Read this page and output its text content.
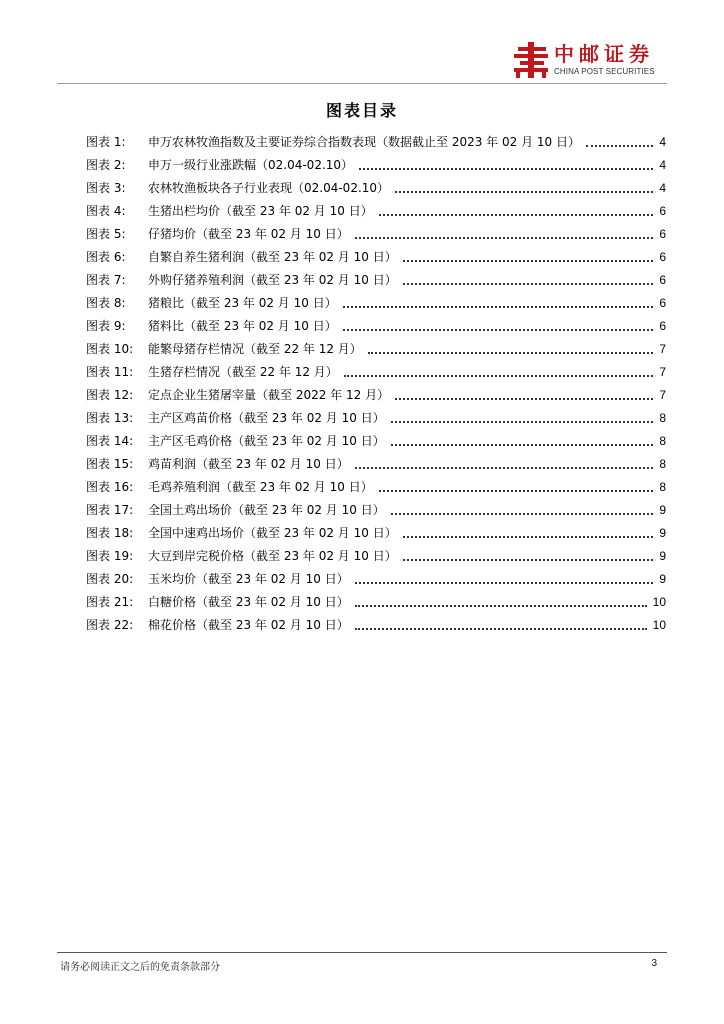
中邮证券
CHINA POST SECURITIES
图表目录
图表 1:	申万农林牧渔指数及主要证券综合指数表现（数据截止至 2023 年 02 月 10 日）	4
图表 2:	申万一级行业涨跌幅（02.04-02.10）	4
图表 3:	农林牧渔板块各子行业表现（02.04-02.10）	4
图表 4:	生猪出栏均价（截至 23 年 02 月 10 日）	6
图表 5:	仔猪均价（截至 23 年 02 月 10 日）	6
图表 6:	自繁自养生猪利润（截至 23 年 02 月 10 日）	6
图表 7:	外购仔猪养殖利润（截至 23 年 02 月 10 日）	6
图表 8:	猪粮比（截至 23 年 02 月 10 日）	6
图表 9:	猪料比（截至 23 年 02 月 10 日）	6
图表 10:	能繁母猪存栏情况（截至 22 年 12 月）	7
图表 11:	生猪存栏情况（截至 22 年 12 月）	7
图表 12:	定点企业生猪屠宰量（截至 2022 年 12 月）	7
图表 13:	主产区鸡苗价格（截至 23 年 02 月 10 日）	8
图表 14:	主产区毛鸡价格（截至 23 年 02 月 10 日）	8
图表 15:	鸡苗利润（截至 23 年 02 月 10 日）	8
图表 16:	毛鸡养殖利润（截至 23 年 02 月 10 日）	8
图表 17:	全国土鸡出场价（截至 23 年 02 月 10 日）	9
图表 18:	全国中速鸡出场价（截至 23 年 02 月 10 日）	9
图表 19:	大豆到岸完税价格（截至 23 年 02 月 10 日）	9
图表 20:	玉米均价（截至 23 年 02 月 10 日）	9
图表 21:	白糖价格（截至 23 年 02 月 10 日）	10
图表 22:	棉花价格（截至 23 年 02 月 10 日）	10
请务必阅读正文之后的免责条款部分	3
